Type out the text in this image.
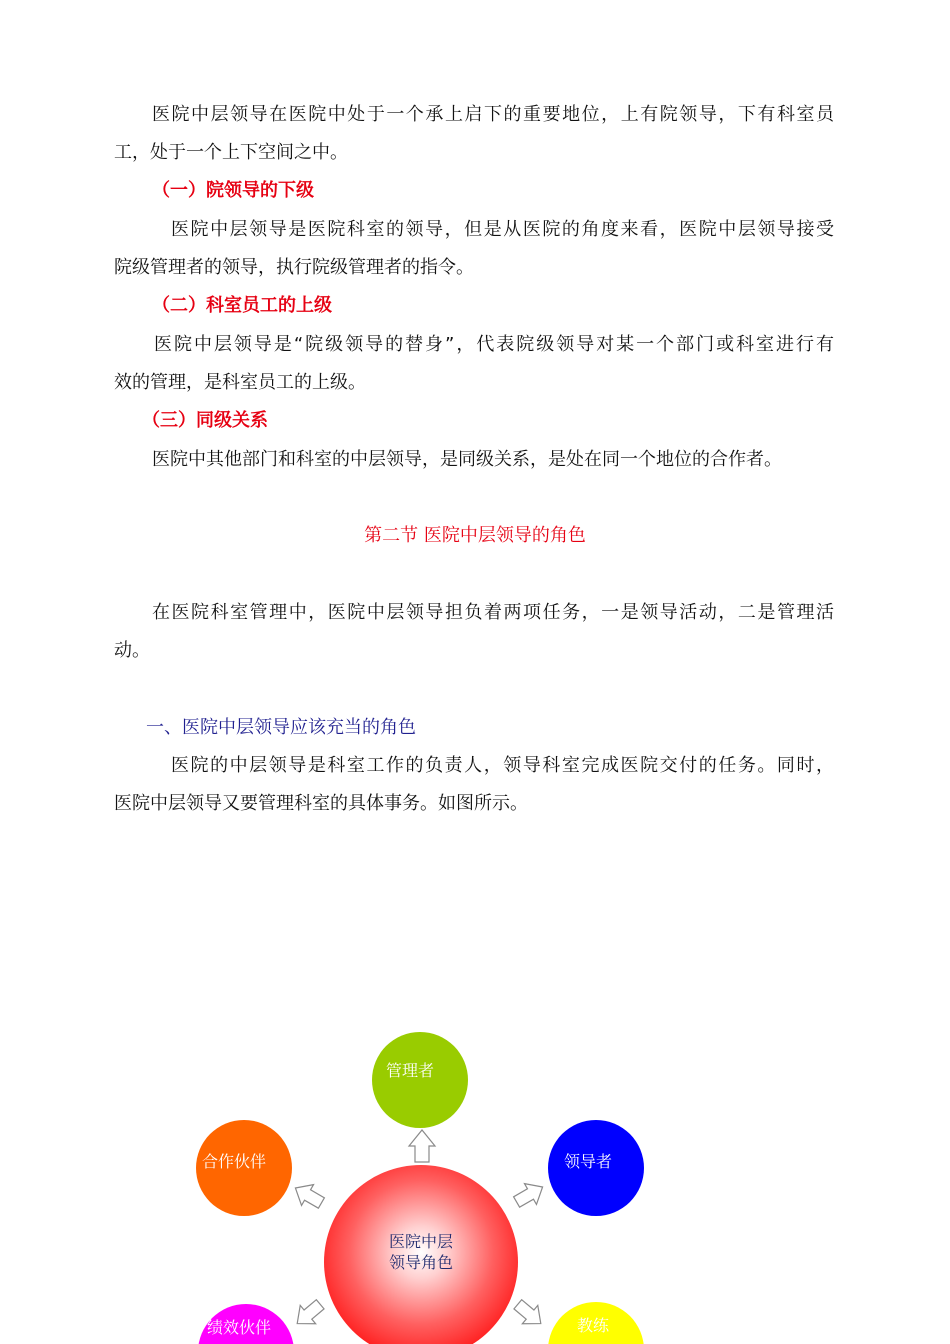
医院中层领导在医院中处于一个承上启下的重要地位，上有院领导，下有科室员
工，处于一个上下空间之中。
（一）院领导的下级
医院中层领导是医院科室的领导，但是从医院的角度来看，医院中层领导接受
院级管理者的领导，执行院级管理者的指令。
（二）科室员工的上级
医院中层领导是“院级领导的替身”，代表院级领导对某一个部门或科室进行有
效的管理，是科室员工的上级。
（三）同级关系
医院中其他部门和科室的中层领导，是同级关系，是处在同一个地位的合作者。
第二节 医院中层领导的角色
在医院科室管理中，医院中层领导担负着两项任务，一是领导活动，二是管理活
动。
一、医院中层领导应该充当的角色
医院的中层领导是科室工作的负责人，领导科室完成医院交付的任务。同时，
医院中层领导又要管理科室的具体事务。如图所示。
管理者
领导者
合作伙伴
绩效伙伴	教练
医院中层
领导角色
